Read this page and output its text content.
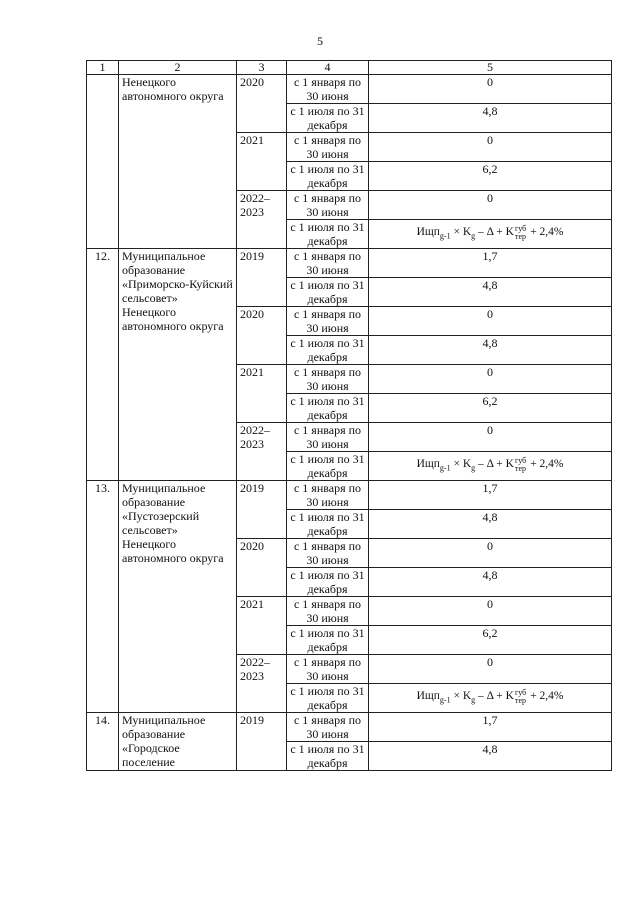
5
1	2	3	4	5
	Ненецкого автономного округа	2020	с 1 января по 30 июня	0
			с 1 июля по 31 декабря	4,8
		2021	с 1 января по 30 июня	0
			с 1 июля по 31 декабря	6,2
		2022–2023	с 1 января по 30 июня	0
			с 1 июля по 31 декабря	$Ищп_{g-1} \times K_g - \Delta + K$ губ
тер + 2,4%
12.	Муниципальное образование «Приморско-Куйский сельсовет» Ненецкого автономного округа	2019	с 1 января по 30 июня	1,7
			с 1 июля по 31 декабря	4,8
		2020	с 1 января по 30 июня	0
			с 1 июля по 31 декабря	4,8
		2021	с 1 января по 30 июня	0
			с 1 июля по 31 декабря	6,2
		2022–2023	с 1 января по 30 июня	0
			с 1 июля по 31 декабря	$Ищп_{g-1} \times K_g - \Delta + K$ губ
тер + 2,4%
13.	Муниципальное образование «Пустозерский сельсовет» Ненецкого автономного округа	2019	с 1 января по 30 июня	1,7
			с 1 июля по 31 декабря	4,8
		2020	с 1 января по 30 июня	0
			с 1 июля по 31 декабря	4,8
		2021	с 1 января по 30 июня	0
			с 1 июля по 31 декабря	6,2
		2022–2023	с 1 января по 30 июня	0
			с 1 июля по 31 декабря	$Ищп_{g-1} \times K_g - \Delta + K$ губ
тер + 2,4%
14.	Муниципальное образование «Городское поселение	2019	с 1 января по 30 июня	1,7
			с 1 июля по 31 декабря	4,8
